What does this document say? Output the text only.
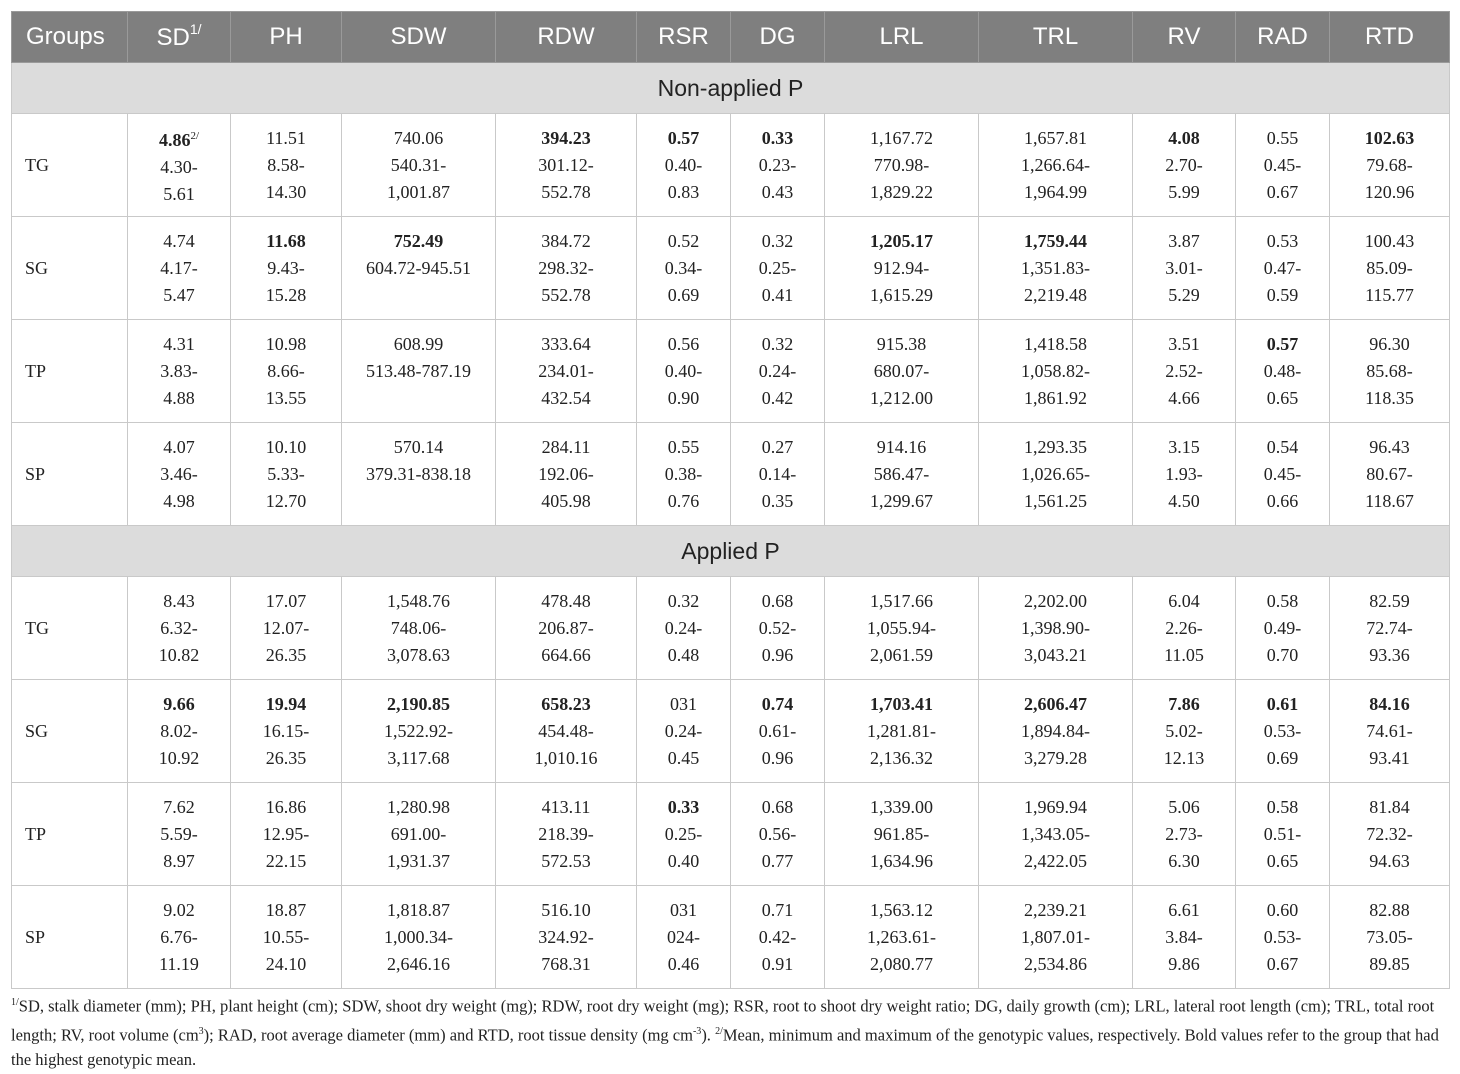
Groups	$SD^{1/}$	PH	SDW	RDW	RSR	DG	LRL	TRL	RV	RAD	RTD
Non-applied P											
TG	4.86$^{2/}$
4.30-
5.61	11.51
8.58-
14.30	740.06
540.31-
1,001.87	394.23
301.12-
552.78	0.57
0.40-
0.83	0.33
0.23-
0.43	1,167.72
770.98-
1,829.22	1,657.81
1,266.64-
1,964.99	4.08
2.70-
5.99	0.55
0.45-
0.67	102.63
79.68-
120.96

SG	4.74
4.17-
5.47	11.68
9.43-
15.28	752.49
604.72-945.51	384.72
298.32-
552.78	0.52
0.34-
0.69	0.32
0.25-
0.41	1,205.17
912.94-
1,615.29	1,759.44
1,351.83-
2,219.48	3.87
3.01-
5.29	0.53
0.47-
0.59	100.43
85.09-
115.77

TP	4.31
3.83-
4.88	10.98
8.66-
13.55	608.99
513.48-787.19	333.64
234.01-
432.54	0.56
0.40-
0.90	0.32
0.24-
0.42	915.38
680.07-
1,212.00	1,418.58
1,058.82-
1,861.92	3.51
2.52-
4.66	0.57
0.48-
0.65	96.30
85.68-
118.35

SP	4.07
3.46-
4.98	10.10
5.33-
12.70	570.14
379.31-838.18	284.11
192.06-
405.98	0.55
0.38-
0.76	0.27
0.14-
0.35	914.16
586.47-
1,299.67	1,293.35
1,026.65-
1,561.25	3.15
1.93-
4.50	0.54
0.45-
0.66	96.43
80.67-
118.67

Applied P											
TG	8.43
6.32-
10.82	17.07
12.07-
26.35	1,548.76
748.06-
3,078.63	478.48
206.87-
664.66	0.32
0.24-
0.48	0.68
0.52-
0.96	1,517.66
1,055.94-
2,061.59	2,202.00
1,398.90-
3,043.21	6.04
2.26-
11.05	0.58
0.49-
0.70	82.59
72.74-
93.36

SG	9.66
8.02-
10.92	19.94
16.15-
26.35	2,190.85
1,522.92-
3,117.68	658.23
454.48-
1,010.16	031
0.24-
0.45	0.74
0.61-
0.96	1,703.41
1,281.81-
2,136.32	2,606.47
1,894.84-
3,279.28	7.86
5.02-
12.13	0.61
0.53-
0.69	84.16
74.61-
93.41

TP	7.62
5.59-
8.97	16.86
12.95-
22.15	1,280.98
691.00-
1,931.37	413.11
218.39-
572.53	0.33
0.25-
0.40	0.68
0.56-
0.77	1,339.00
961.85-
1,634.96	1,969.94
1,343.05-
2,422.05	5.06
2.73-
6.30	0.58
0.51-
0.65	81.84
72.32-
94.63

SP	9.02
6.76-
11.19	18.87
10.55-
24.10	1,818.87
1,000.34-
2,646.16	516.10
324.92-
768.31	031
024-
0.46	0.71
0.42-
0.91	1,563.12
1,263.61-
2,080.77	2,239.21
1,807.01-
2,534.86	6.61
3.84-
9.86	0.60
0.53-
0.67	82.88
73.05-
89.85
$^{1/}$SD, stalk diameter (mm); PH, plant height (cm); SDW, shoot dry weight (mg); RDW, root dry weight (mg); RSR, root to shoot dry weight ratio; DG, daily growth (cm); LRL, lateral root length (cm); TRL, total root length; RV, root volume $(cm^3)$; RAD, root average diameter (mm) and RTD, root tissue density (mg $cm^{-3}$). $^{2/}$Mean, minimum and maximum of the genotypic values, respectively. Bold values refer to the group that had the highest genotypic mean.
